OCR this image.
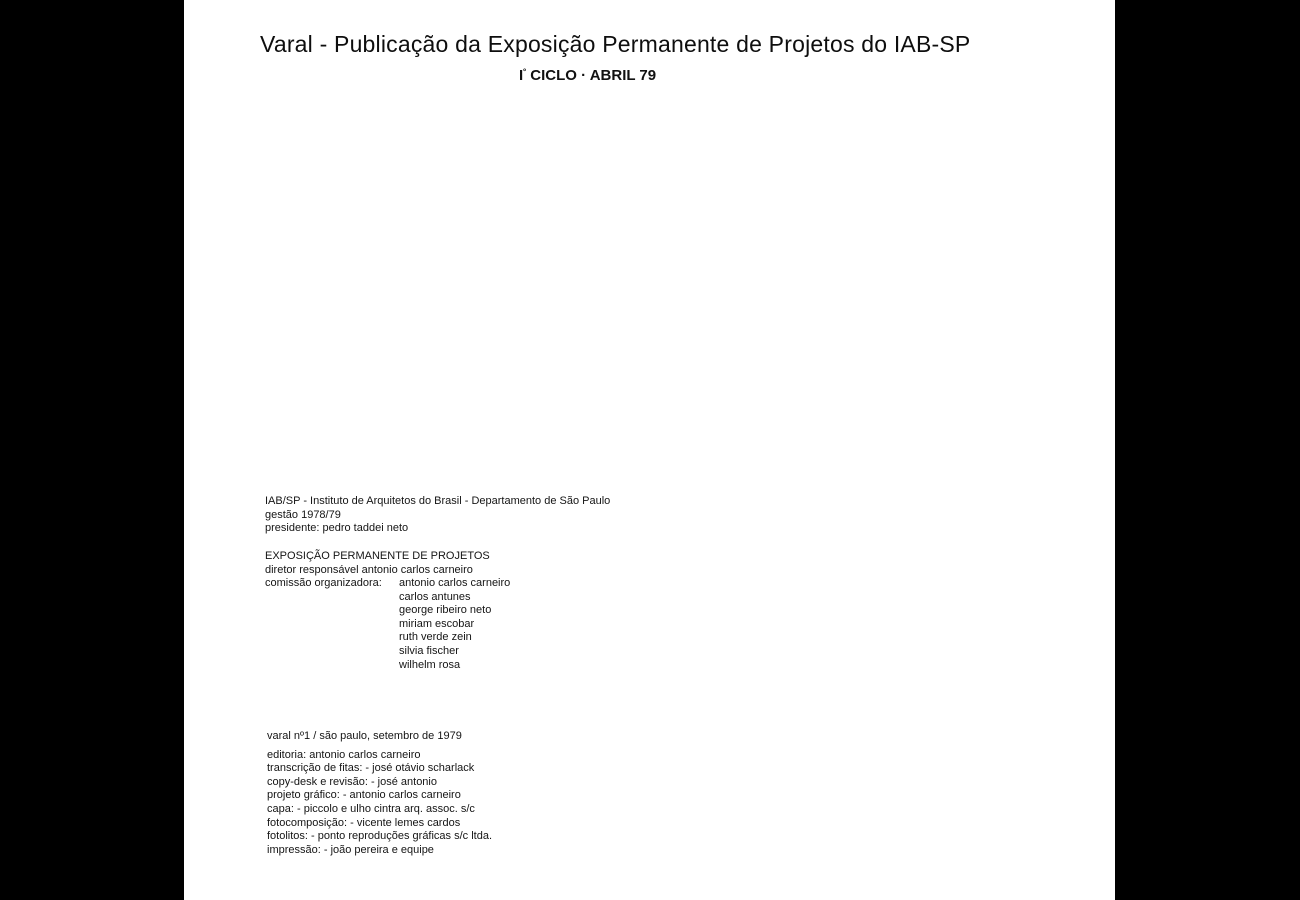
Varal - Publicação da Exposição Permanente de Projetos do IAB-SP
$I^º$ CICLO · ABRIL 79
IAB/SP - Instituto de Arquitetos do Brasil - Departamento de São Paulo
gestão 1978/79
presidente: pedro taddei neto
EXPOSIÇÃO PERMANENTE DE PROJETOS
diretor responsável antonio carlos carneiro
comissão organizadora:	antonio carlos carneiro
carlos antunes
george ribeiro neto
miriam escobar
ruth verde zein
silvia fischer
wilhelm rosa
varal nº1 / são paulo, setembro de 1979
editoria: antonio carlos carneiro
transcrição de fitas: - josé otávio scharlack
copy-desk e revisão: - josé antonio
projeto gráfico: - antonio carlos carneiro
capa: - piccolo e ulho cintra arq. assoc. s/c
fotocomposição: - vicente lemes cardos
fotolitos: - ponto reproduções gráficas s/c ltda.
impressão: - joão pereira e equipe
